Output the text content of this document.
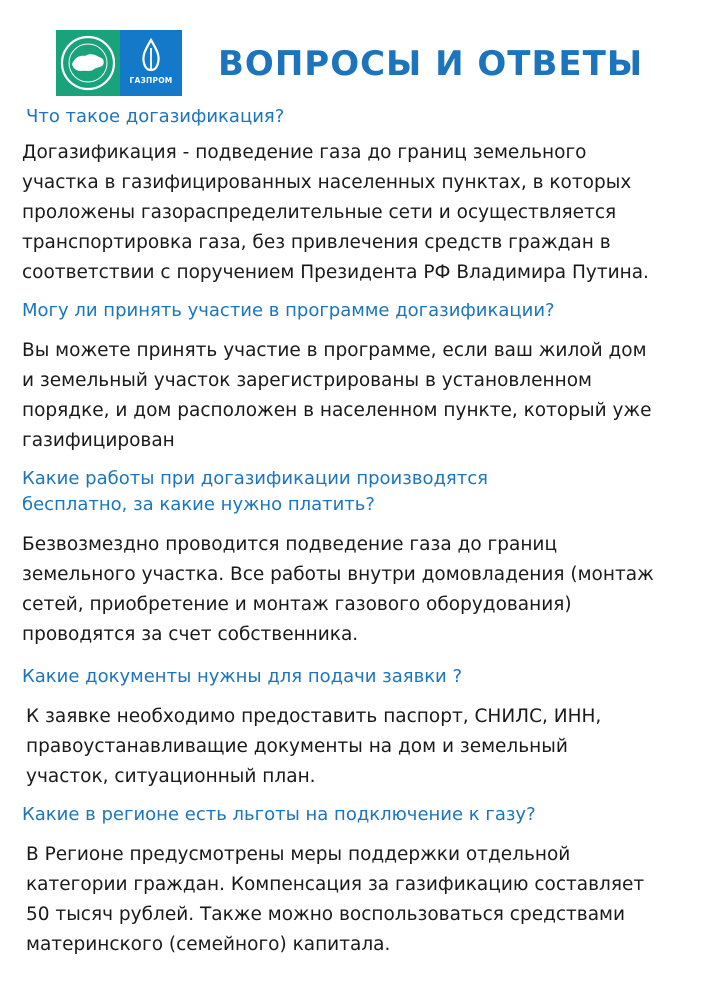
ГАЗПРОМ ВОПРОСЫ И ОТВЕТЫ

Что такое догазификация?

Догазификация - подведение газа до границ земельного
участка в газифицированных населенных пунктах, в которых
проложены газораспределительные сети и осуществляется
транспортировка газа, без привлечения средств граждан в
соответствии с поручением Президента РФ Владимира Путина.

Могу ли принять участие в программе догазификации?

Вы можете принять участие в программе, если ваш жилой дом
и земельный участок зарегистрированы в установленном
порядке, и дом расположен в населенном пункте, который уже
газифицирован

Какие работы при догазификации производятся
бесплатно, за какие нужно платить?

Безвозмездно проводится подведение газа до границ
земельного участка. Все работы внутри домовладения (монтаж
сетей, приобретение и монтаж газового оборудования)
проводятся за счет собственника.

Какие документы нужны для подачи заявки ?

К заявке необходимо предоставить паспорт, СНИЛС, ИНН,
правоустанавливащие документы на дом и земельный
участок, ситуационный план.

Какие в регионе есть льготы на подключение к газу?

В Регионе предусмотрены меры поддержки отдельной
категории граждан. Компенсация за газификацию составляет
50 тысяч рублей. Также можно воспользоваться средствами
материнского (семейного) капитала.
